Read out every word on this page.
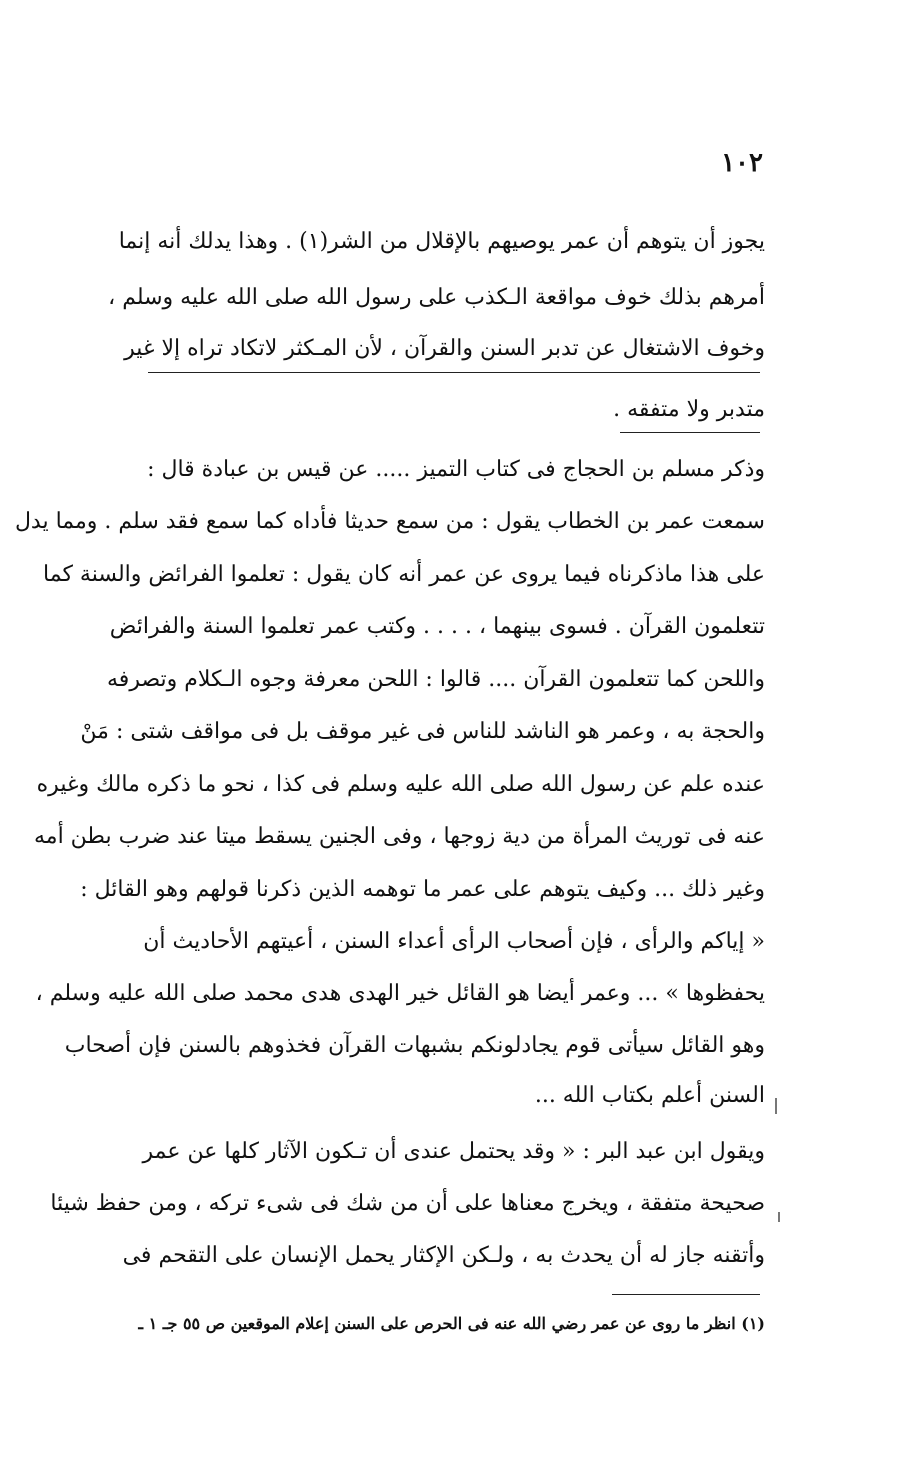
١٠٢
يجوز أن يتوهم أن عمر يوصيهم بالإقلال من الشر(١) . وهذا يدلك أنه إنما
أمرهم بذلك خوف مواقعة الـكذب على رسول الله صلى الله عليه وسلم ،
وخوف الاشتغال عن تدبر السنن والقرآن ، لأن المـكثر لاتكاد تراه إلا غير
متدبر ولا متفقه .
وذكر مسلم بن الحجاج فى كتاب التميز ..... عن قيس بن عبادة قال :
سمعت عمر بن الخطاب يقول : من سمع حديثا فأداه كما سمع فقد سلم . ومما يدل
على هذا ماذكرناه فيما يروى عن عمر أنه كان يقول : تعلموا الفرائض والسنة كما
تتعلمون القرآن . فسوى بينهما ، . . . . وكتب عمر تعلموا السنة والفرائض
واللحن كما تتعلمون القرآن .... قالوا : اللحن معرفة وجوه الـكلام وتصرفه
والحجة به ، وعمر هو الناشد للناس فى غير موقف بل فى مواقف شتى : مَنْ
عنده علم عن رسول الله صلى الله عليه وسلم فى كذا ، نحو ما ذكره مالك وغيره
عنه فى توريث المرأة من دية زوجها ، وفى الجنين يسقط ميتا عند ضرب بطن أمه
وغير ذلك ... وكيف يتوهم على عمر ما توهمه الذين ذكرنا قولهم وهو القائل :
« إياكم والرأى ، فإن أصحاب الرأى أعداء السنن ، أعيتهم الأحاديث أن
يحفظوها » ... وعمر أيضا هو القائل خير الهدى هدى محمد صلى الله عليه وسلم ،
وهو القائل سيأتى قوم يجادلونكم بشبهات القرآن فخذوهم بالسنن فإن أصحاب
السنن أعلم بكتاب الله ...
ويقول ابن عبد البر : « وقد يحتمل عندى أن تـكون الآثار كلها عن عمر
صحيحة متفقة ، ويخرج معناها على أن من شك فى شىء تركه ، ومن حفظ شيئا
وأتقنه جاز له أن يحدث به ، ولـكن الإكثار يحمل الإنسان على التقحم فى
(١) انظر ما روى عن عمر رضي الله عنه فى الحرص على السنن إعلام الموقعين ص ٥٥ جـ ١ ـ
